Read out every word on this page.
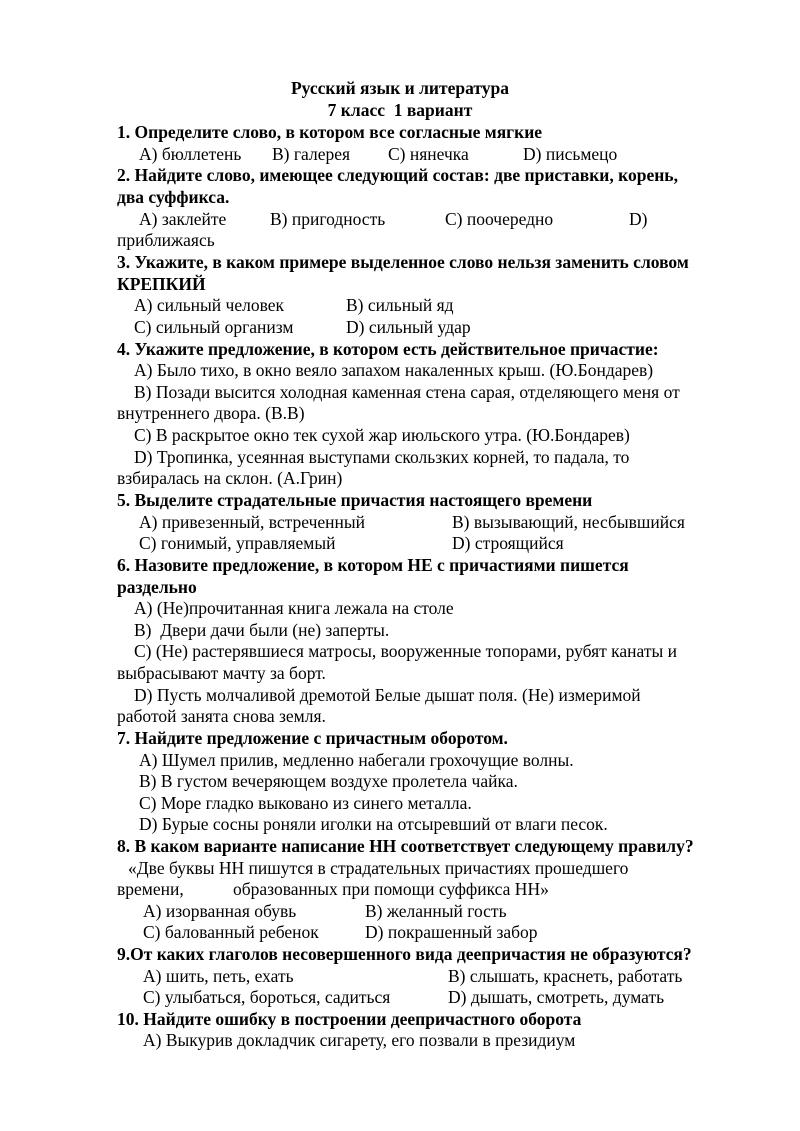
Русский язык и литература
7 класс  1 вариант
1. Определите слово, в котором все согласные мягкие
А) бюллетень В) галерея С) нянечка	D) письмецо
2. Найдите слово, имеющее следующий состав: две приставки, корень,
два суффикса.
А) заклейте В) пригодность	С) поочередно	D)
приближаясь
3. Укажите, в каком примере выделенное слово нельзя заменить словом
КРЕПКИЙ
А) сильный человек	В) сильный яд
С) сильный организм	D) сильный удар
4. Укажите предложение, в котором есть действительное причастие:
А) Было тихо, в окно веяло запахом накаленных крыш. (Ю.Бондарев)
В) Позади высится холодная каменная стена сарая, отделяющего меня от
внутреннего двора. (В.В)
С) В раскрытое окно тек сухой жар июльского утра. (Ю.Бондарев)
D) Тропинка, усеянная выступами скользких корней, то падала, то
взбиралась на склон. (А.Грин)
5. Выделите страдательные причастия настоящего времени
А) привезенный, встреченный	В) вызывающий, несбывшийся
С) гонимый, управляемый	D) строящийся
6. Назовите предложение, в котором НЕ с причастиями пишется
раздельно
А) (Не)прочитанная книга лежала на столе
В)  Двери дачи были (не) заперты.
С) (Не) растерявшиеся матросы, вооруженные топорами, рубят канаты и
выбрасывают мачту за борт.
D) Пусть молчаливой дремотой Белые дышат поля. (Не) измеримой
работой занята снова земля.
7. Найдите предложение с причастным оборотом.
А) Шумел прилив, медленно набегали грохочущие волны.
В) В густом вечеряющем воздухе пролетела чайка.
С) Море гладко выковано из синего металла.
D) Бурые сосны роняли иголки на отсыревший от влаги песок.
8. В каком варианте написание НН соответствует следующему правилу?
«Две буквы НН пишутся в страдательных причастиях прошедшего
времени,	образованных при помощи суффикса НН»
А) изорванная обувь	В) желанный гость
С) балованный ребенок	D) покрашенный забор
9.От каких глаголов несовершенного вида деепричастия не образуются?
А) шить, петь, ехать	В) слышать, краснеть, работать
С) улыбаться, бороться, садиться	D) дышать, смотреть, думать
10. Найдите ошибку в построении деепричастного оборота
А) Выкурив докладчик сигарету, его позвали в президиум
